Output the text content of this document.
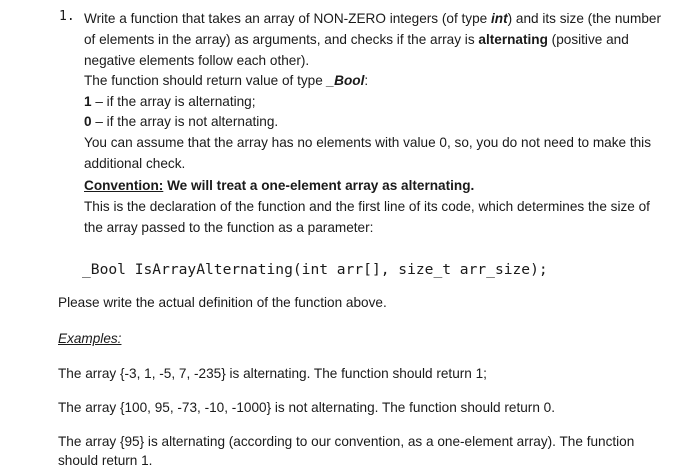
1. Write a function that takes an array of NON-ZERO integers (of type int) and its size (the number
of elements in the array) as arguments, and checks if the array is alternating (positive and
negative elements follow each other).
The function should return value of type _Bool:
1 – if the array is alternating;
0 – if the array is not alternating.
You can assume that the array has no elements with value 0, so, you do not need to make this
additional check.
Convention: We will treat a one-element array as alternating.
This is the declaration of the function and the first line of its code, which determines the size of
the array passed to the function as a parameter:
_Bool IsArrayAlternating(int arr[], size_t arr_size);
Please write the actual definition of the function above.
Examples:
The array {-3, 1, -5, 7, -235} is alternating. The function should return 1;
The array {100, 95, -73, -10, -1000} is not alternating. The function should return 0.
The array {95} is alternating (according to our convention, as a one-element array). The function
should return 1.
